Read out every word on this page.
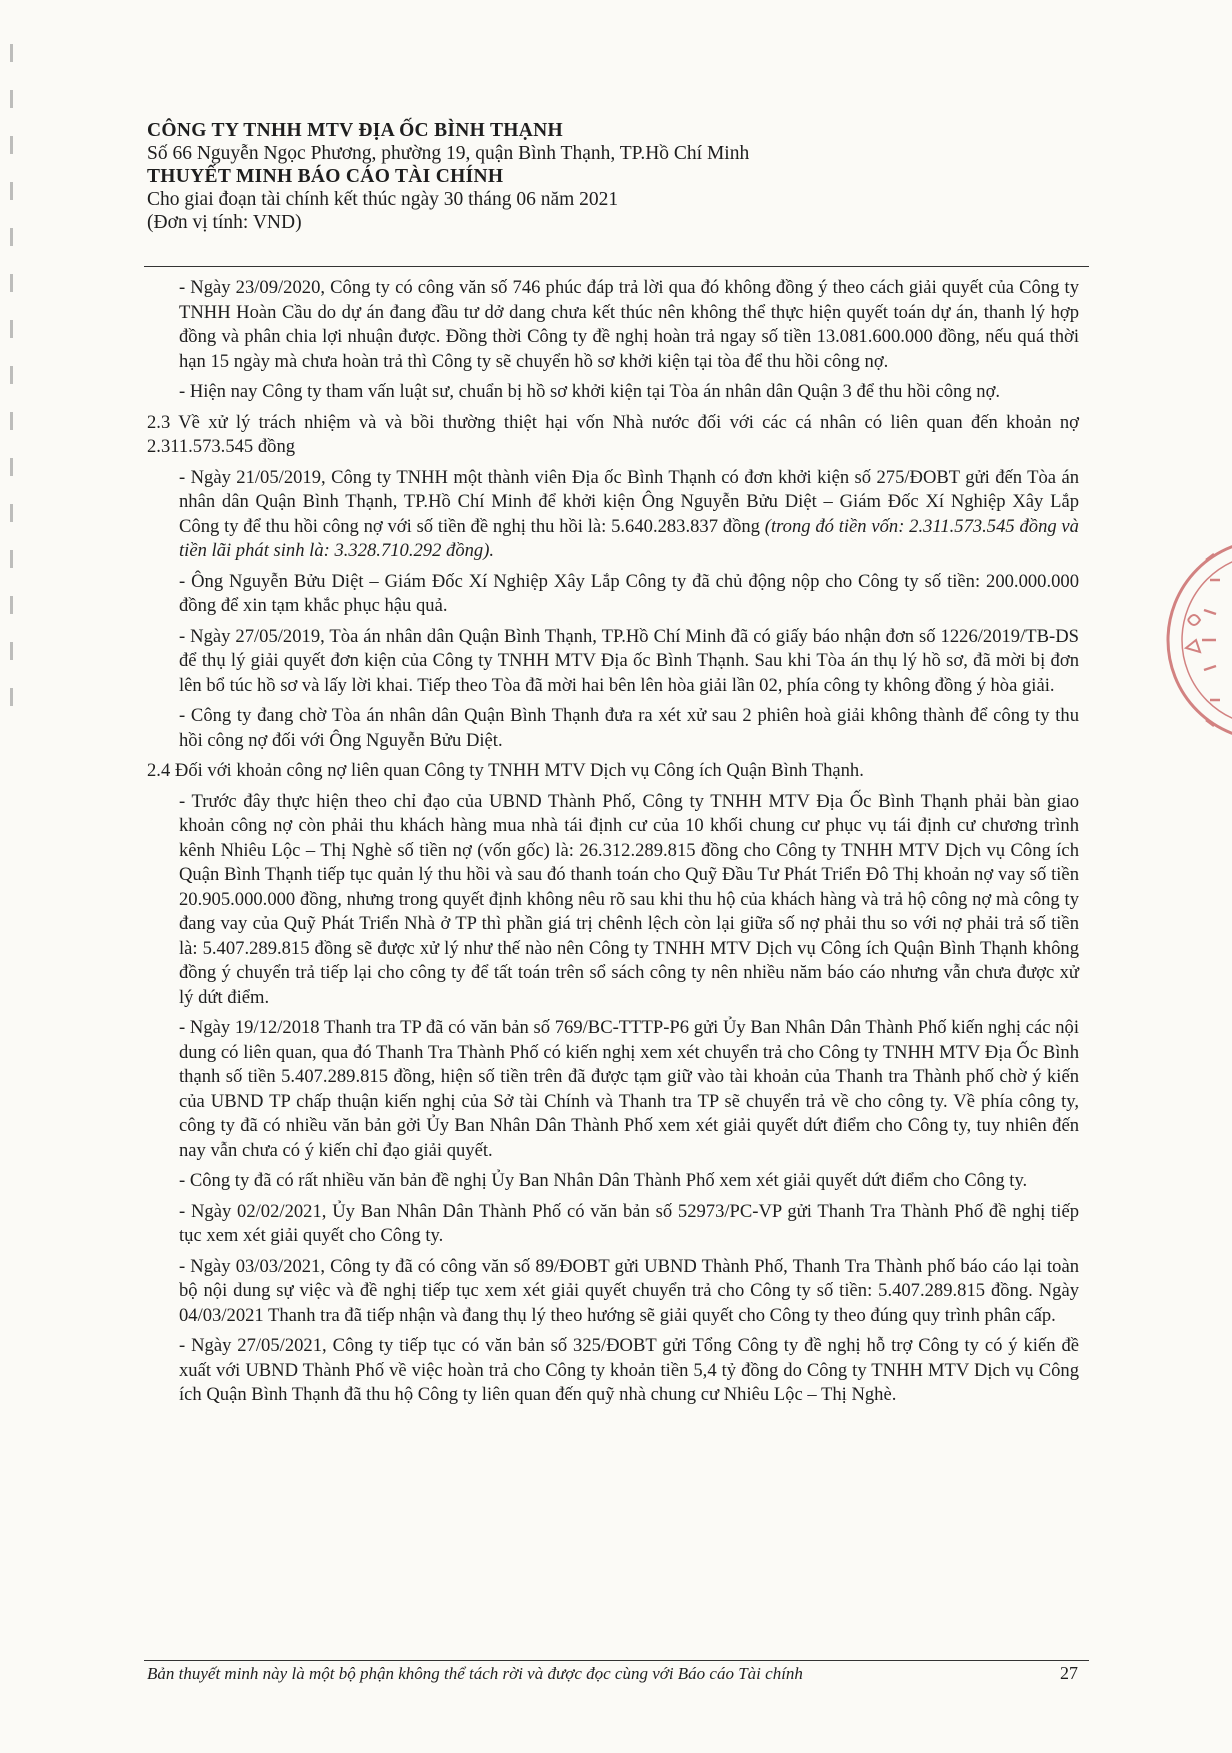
CÔNG TY TNHH MTV ĐỊA ỐC BÌNH THẠNH
Số 66 Nguyễn Ngọc Phương, phường 19, quận Bình Thạnh, TP.Hồ Chí Minh
THUYẾT MINH BÁO CÁO TÀI CHÍNH
Cho giai đoạn tài chính kết thúc ngày 30 tháng 06 năm 2021
(Đơn vị tính: VND)

- Ngày 23/09/2020, Công ty có công văn số 746 phúc đáp trả lời qua đó không đồng ý theo cách giải quyết của Công ty TNHH Hoàn Cầu do dự án đang đầu tư dở dang chưa kết thúc nên không thể thực hiện quyết toán dự án, thanh lý hợp đồng và phân chia lợi nhuận được. Đồng thời Công ty đề nghị hoàn trả ngay số tiền 13.081.600.000 đồng, nếu quá thời hạn 15 ngày mà chưa hoàn trả thì Công ty sẽ chuyển hồ sơ khởi kiện tại tòa để thu hồi công nợ.

- Hiện nay Công ty tham vấn luật sư, chuẩn bị hồ sơ khởi kiện tại Tòa án nhân dân Quận 3 để thu hồi công nợ.

2.3 Về xử lý trách nhiệm và và bồi thường thiệt hại vốn Nhà nước đối với các cá nhân có liên quan đến khoản nợ 2.311.573.545 đồng

- Ngày 21/05/2019, Công ty TNHH một thành viên Địa ốc Bình Thạnh có đơn khởi kiện số 275/ĐOBT gửi đến Tòa án nhân dân Quận Bình Thạnh, TP.Hồ Chí Minh để khởi kiện Ông Nguyễn Bửu Diệt – Giám Đốc Xí Nghiệp Xây Lắp Công ty để thu hồi công nợ với số tiền đề nghị thu hồi là: 5.640.283.837 đồng (trong đó tiền vốn: 2.311.573.545 đồng và tiền lãi phát sinh là: 3.328.710.292 đồng).

- Ông Nguyễn Bửu Diệt – Giám Đốc Xí Nghiệp Xây Lắp Công ty đã chủ động nộp cho Công ty số tiền: 200.000.000 đồng để xin tạm khắc phục hậu quả.

- Ngày 27/05/2019, Tòa án nhân dân Quận Bình Thạnh, TP.Hồ Chí Minh đã có giấy báo nhận đơn số 1226/2019/TB-DS để thụ lý giải quyết đơn kiện của Công ty TNHH MTV Địa ốc Bình Thạnh. Sau khi Tòa án thụ lý hồ sơ, đã mời bị đơn lên bổ túc hồ sơ và lấy lời khai. Tiếp theo Tòa đã mời hai bên lên hòa giải lần 02, phía công ty không đồng ý hòa giải.

- Công ty đang chờ Tòa án nhân dân Quận Bình Thạnh đưa ra xét xử sau 2 phiên hoà giải không thành để công ty thu hồi công nợ đối với Ông Nguyễn Bửu Diệt.

2.4 Đối với khoản công nợ liên quan Công ty TNHH MTV Dịch vụ Công ích Quận Bình Thạnh.

- Trước đây thực hiện theo chỉ đạo của UBND Thành Phố, Công ty TNHH MTV Địa Ốc Bình Thạnh phải bàn giao khoản công nợ còn phải thu khách hàng mua nhà tái định cư của 10 khối chung cư phục vụ tái định cư chương trình kênh Nhiêu Lộc – Thị Nghè số tiền nợ (vốn gốc) là: 26.312.289.815 đồng cho Công ty TNHH MTV Dịch vụ Công ích Quận Bình Thạnh tiếp tục quản lý thu hồi và sau đó thanh toán cho Quỹ Đầu Tư Phát Triển Đô Thị khoản nợ vay số tiền 20.905.000.000 đồng, nhưng trong quyết định không nêu rõ sau khi thu hộ của khách hàng và trả hộ công nợ mà công ty đang vay của Quỹ Phát Triển Nhà ở TP thì phần giá trị chênh lệch còn lại giữa số nợ phải thu so với nợ phải trả số tiền là: 5.407.289.815 đồng sẽ được xử lý như thế nào nên Công ty TNHH MTV Dịch vụ Công ích Quận Bình Thạnh không đồng ý chuyển trả tiếp lại cho công ty để tất toán trên sổ sách công ty nên nhiều năm báo cáo nhưng vẫn chưa được xử lý dứt điểm.

- Ngày 19/12/2018 Thanh tra TP đã có văn bản số 769/BC-TTTP-P6 gửi Ủy Ban Nhân Dân Thành Phố kiến nghị các nội dung có liên quan, qua đó Thanh Tra Thành Phố có kiến nghị xem xét chuyển trả cho Công ty TNHH MTV Địa Ốc Bình thạnh số tiền 5.407.289.815 đồng, hiện số tiền trên đã được tạm giữ vào tài khoản của Thanh tra Thành phố chờ ý kiến của UBND TP chấp thuận kiến nghị của Sở tài Chính và Thanh tra TP sẽ chuyển trả về cho công ty. Về phía công ty, công ty đã có nhiều văn bản gởi Ủy Ban Nhân Dân Thành Phố xem xét giải quyết dứt điểm cho Công ty, tuy nhiên đến nay vẫn chưa có ý kiến chỉ đạo giải quyết.

- Công ty đã có rất nhiều văn bản đề nghị Ủy Ban Nhân Dân Thành Phố xem xét giải quyết dứt điểm cho Công ty.

- Ngày 02/02/2021, Ủy Ban Nhân Dân Thành Phố có văn bản số 52973/PC-VP gửi Thanh Tra Thành Phố đề nghị tiếp tục xem xét giải quyết cho Công ty.

- Ngày 03/03/2021, Công ty đã có công văn số 89/ĐOBT gửi UBND Thành Phố, Thanh Tra Thành phố báo cáo lại toàn bộ nội dung sự việc và đề nghị tiếp tục xem xét giải quyết chuyển trả cho Công ty số tiền: 5.407.289.815 đồng. Ngày 04/03/2021 Thanh tra đã tiếp nhận và đang thụ lý theo hướng sẽ giải quyết cho Công ty theo đúng quy trình phân cấp.

- Ngày 27/05/2021, Công ty tiếp tục có văn bản số 325/ĐOBT gửi Tổng Công ty đề nghị hỗ trợ Công ty có ý kiến đề xuất với UBND Thành Phố về việc hoàn trả cho Công ty khoản tiền 5,4 tỷ đồng do Công ty TNHH MTV Dịch vụ Công ích Quận Bình Thạnh đã thu hộ Công ty liên quan đến quỹ nhà chung cư Nhiêu Lộc – Thị Nghè.

Bản thuyết minh này là một bộ phận không thể tách rời và được đọc cùng với Báo cáo Tài chính	27
